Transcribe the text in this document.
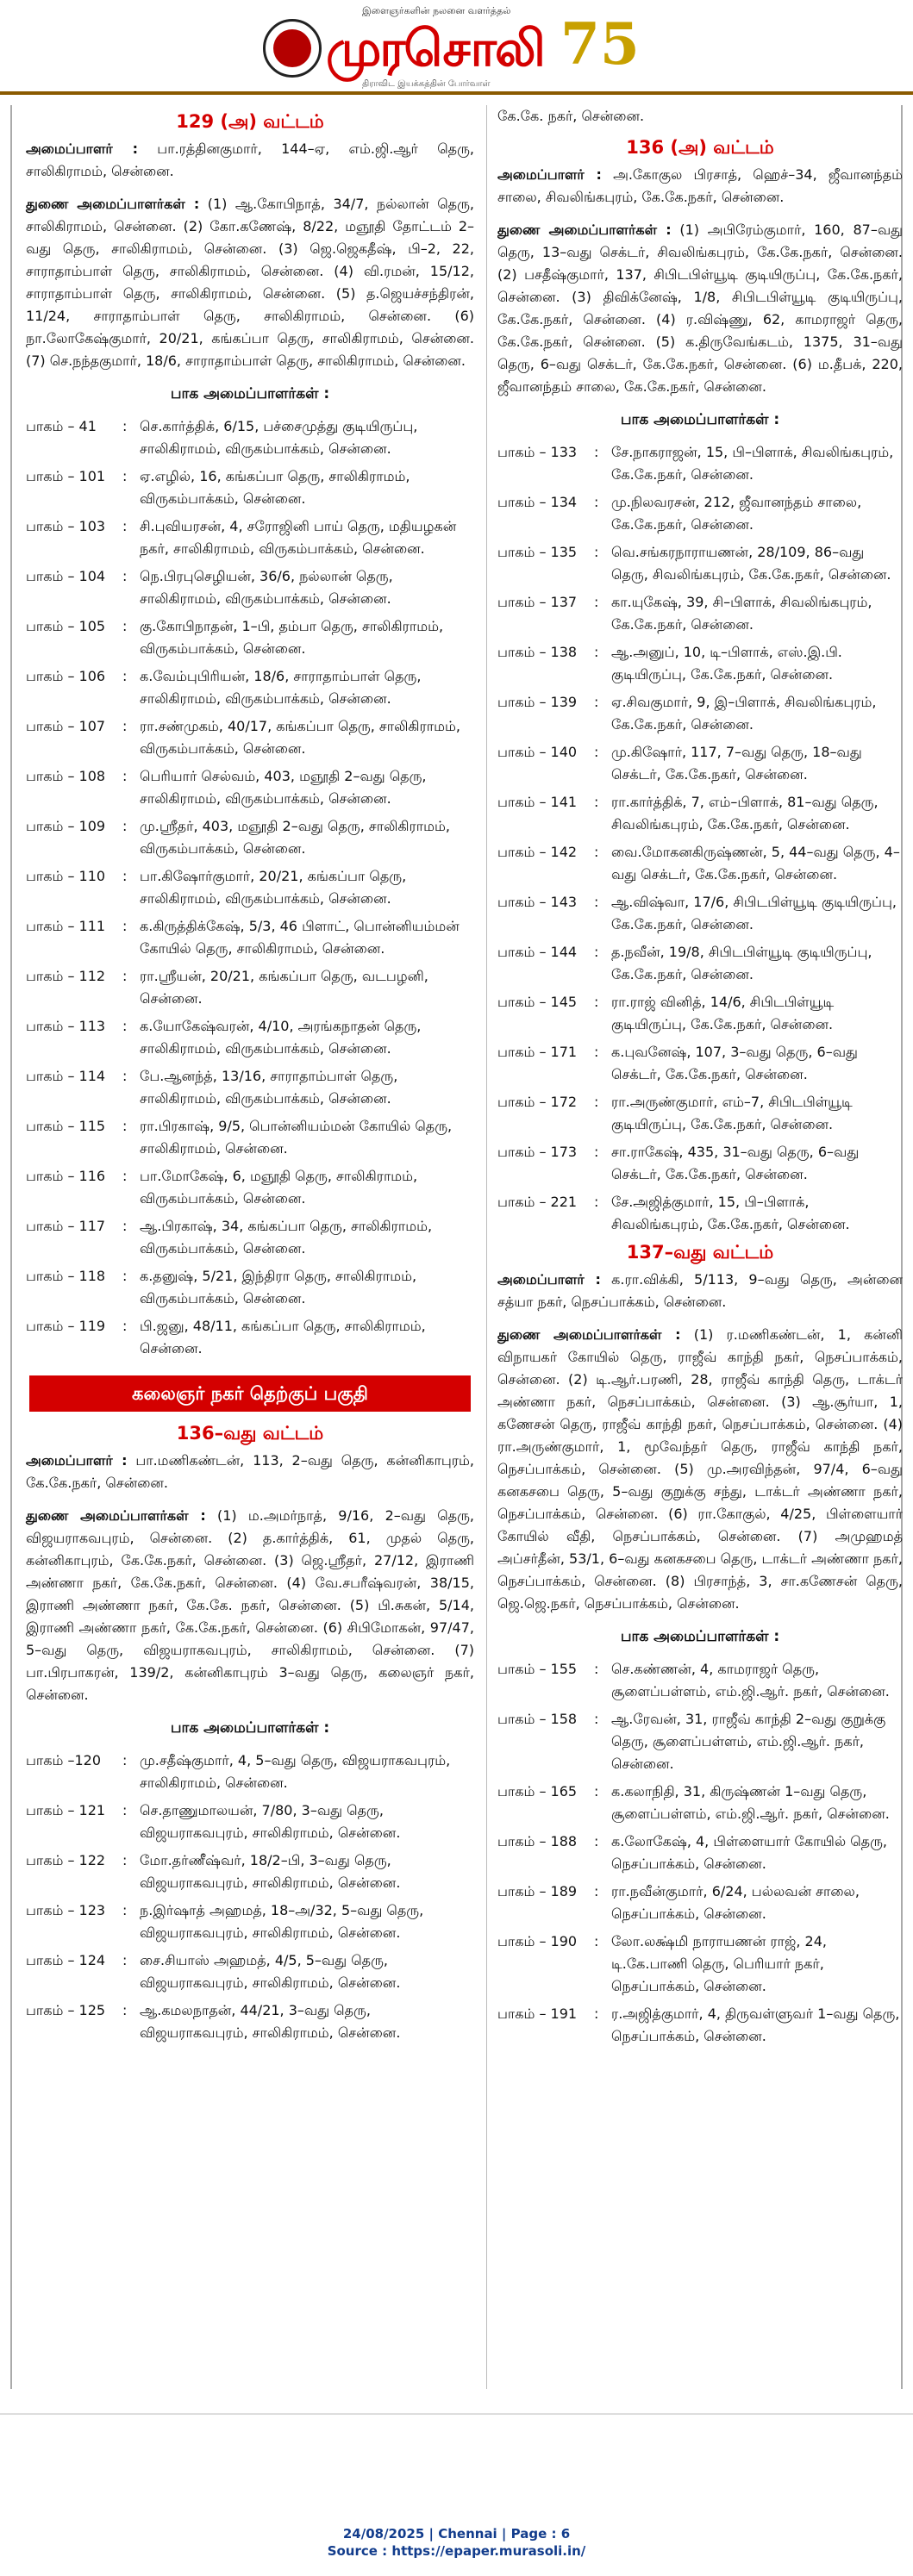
இளைஞர்களின் நலனை வளர்த்தல்
முரசொலி 75
திராவிட இயக்கத்தின் போர்வாள்
129 (அ) வட்டம்

அமைப்பாளர் : பா.ரத்தினகுமார், 144–ஏ, எம்.ஜி.ஆர் தெரு, சாலிகிராமம், சென்னை.

துணை அமைப்பாளர்கள் : (1) ஆ.கோபிநாத், 34/7, நல்லான் தெரு, சாலிகிராமம், சென்னை. (2) கோ.கணேஷ், 8/22, மஞூதி தோட்டம் 2–வது தெரு, சாலிகிராமம், சென்னை. (3) ஜெ.ஜெகதீஷ், பி–2, 22, சாராதாம்பாள் தெரு, சாலிகிராமம், சென்னை. (4) வி.ரமன், 15/12, சாராதாம்பாள் தெரு, சாலிகிராமம், சென்னை. (5) த.ஜெயச்சந்திரன், 11/24, சாராதாம்பாள் தெரு, சாலிகிராமம், சென்னை. (6) நா.லோகேஷ்குமார், 20/21, கங்கப்பா தெரு, சாலிகிராமம், சென்னை. (7) செ.நந்தகுமார், 18/6, சாராதாம்பாள் தெரு, சாலிகிராமம், சென்னை.

பாக அமைப்பாளர்கள் :
பாகம் – 41	: செ.கார்த்திக், 6/15, பச்சைமுத்து குடியிருப்பு, சாலிகிராமம், விருகம்பாக்கம், சென்னை.
பாகம் – 101	: ஏ.எழில், 16, கங்கப்பா தெரு, சாலிகிராமம், விருகம்பாக்கம், சென்னை.
பாகம் – 103	: சி.புவியரசன், 4, சரோஜினி பாய் தெரு, மதியழகன் நகர், சாலிகிராமம், விருகம்பாக்கம், சென்னை.
பாகம் – 104	: நெ.பிரபுசெழியன், 36/6, நல்லான் தெரு, சாலிகிராமம், விருகம்பாக்கம், சென்னை.
பாகம் – 105	: கு.கோபிநாதன், 1–பி, தம்பா தெரு, சாலிகிராமம், விருகம்பாக்கம், சென்னை.
பாகம் – 106	: க.வேம்புபிரியன், 18/6, சாராதாம்பாள் தெரு, சாலிகிராமம், விருகம்பாக்கம், சென்னை.
பாகம் – 107	: ரா.சண்முகம், 40/17, கங்கப்பா தெரு, சாலிகிராமம், விருகம்பாக்கம், சென்னை.
பாகம் – 108	: பெரியார் செல்வம், 403, மஞூதி 2–வது தெரு, சாலிகிராமம், விருகம்பாக்கம், சென்னை.
பாகம் – 109	: மு.ஸ்ரீதர், 403, மஞூதி 2–வது தெரு, சாலிகிராமம், விருகம்பாக்கம், சென்னை.
பாகம் – 110	: பா.கிஷோர்குமார், 20/21, கங்கப்பா தெரு, சாலிகிராமம், விருகம்பாக்கம், சென்னை.
பாகம் – 111	: க.கிருத்திக்கேஷ், 5/3, 46 பிளாட், பொன்னியம்மன் கோயில் தெரு, சாலிகிராமம், சென்னை.
பாகம் – 112	: ரா.ஸ்ரீயன், 20/21, கங்கப்பா தெரு, வடபழனி, சென்னை.
பாகம் – 113	: க.யோகேஷ்வரன், 4/10, அரங்கநாதன் தெரு, சாலிகிராமம், விருகம்பாக்கம், சென்னை.
பாகம் – 114	: பே.ஆனந்த், 13/16, சாராதாம்பாள் தெரு, சாலிகிராமம், விருகம்பாக்கம், சென்னை.
பாகம் – 115	: ரா.பிரகாஷ், 9/5, பொன்னியம்மன் கோயில் தெரு, சாலிகிராமம், சென்னை.
பாகம் – 116	: பா.மோகேஷ், 6, மஞூதி தெரு, சாலிகிராமம், விருகம்பாக்கம், சென்னை.
பாகம் – 117	: ஆ.பிரகாஷ், 34, கங்கப்பா தெரு, சாலிகிராமம், விருகம்பாக்கம், சென்னை.
பாகம் – 118	: க.தனுஷ், 5/21, இந்திரா தெரு, சாலிகிராமம், விருகம்பாக்கம், சென்னை.
பாகம் – 119	: பி.ஜனு, 48/11, கங்கப்பா தெரு, சாலிகிராமம், சென்னை.
கலைஞர் நகர் தெற்குப் பகுதி
136–வது வட்டம்

அமைப்பாளர் : பா.மணிகண்டன், 113, 2–வது தெரு, கன்னிகாபுரம், கே.கே.நகர், சென்னை.

துணை அமைப்பாளர்கள் : (1) ம.அமர்நாத், 9/16, 2–வது தெரு, விஜயராகவபுரம், சென்னை. (2) த.கார்த்திக், 61, முதல் தெரு, கன்னிகாபுரம், கே.கே.நகர், சென்னை. (3) ஜெ.ஸ்ரீதர், 27/12, இராணி அண்ணா நகர், கே.கே.நகர், சென்னை. (4) வே.சபரீஷ்வரன், 38/15, இராணி அண்ணா நகர், கே.கே. நகர், சென்னை. (5) பி.சுகன், 5/14, இராணி அண்ணா நகர், கே.கே.நகர், சென்னை. (6) சிபிமோகன், 97/47, 5–வது தெரு, விஜயராகவபுரம், சாலிகிராமம், சென்னை. (7) பா.பிரபாகரன், 139/2, கன்னிகாபுரம் 3–வது தெரு, கலைஞர் நகர், சென்னை.

பாக அமைப்பாளர்கள் :
பாகம் –120	: மு.சதீஷ்குமார், 4, 5–வது தெரு, விஜயராகவபுரம், சாலிகிராமம், சென்னை.
பாகம் – 121	: செ.தாணுமாலயன், 7/80, 3–வது தெரு, விஜயராகவபுரம், சாலிகிராமம், சென்னை.
பாகம் – 122	: மோ.தர்ணீஷ்வர், 18/2–பி, 3–வது தெரு, விஜயராகவபுரம், சாலிகிராமம், சென்னை.
பாகம் – 123	: ந.இர்ஷாத் அஹமத், 18–அ/32, 5–வது தெரு, விஜயராகவபுரம், சாலிகிராமம், சென்னை.
பாகம் – 124	: சை.சியாஸ் அஹமத், 4/5, 5–வது தெரு, விஜயராகவபுரம், சாலிகிராமம், சென்னை.
பாகம் – 125	: ஆ.கமலநாதன், 44/21, 3–வது தெரு, விஜயராகவபுரம், சாலிகிராமம், சென்னை.
கே.கே. நகர், சென்னை.
136 (அ) வட்டம்

அமைப்பாளர் : அ.கோகுல பிரசாத், ஹெச்–34, ஜீவானந்தம் சாலை, சிவலிங்கபுரம், கே.கே.நகர், சென்னை.

துணை அமைப்பாளர்கள் : (1) அபிரேம்குமார், 160, 87–வது தெரு, 13–வது செக்டர், சிவலிங்கபுரம், கே.கே.நகர், சென்னை. (2) பசதீஷ்குமார், 137, சிபிடபிள்யூடி குடியிருப்பு, கே.கே.நகர், சென்னை. (3) திவிக்னேஷ், 1/8, சிபிடபிள்யூடி குடியிருப்பு, கே.கே.நகர், சென்னை. (4) ர.விஷ்ணு, 62, காமராஜர் தெரு, கே.கே.நகர், சென்னை. (5) க.திருவேங்கடம், 1375, 31–வது தெரு, 6–வது செக்டர், கே.கே.நகர், சென்னை. (6) ம.தீபக், 220, ஜீவானந்தம் சாலை, கே.கே.நகர், சென்னை.

பாக அமைப்பாளர்கள் :
பாகம் – 133	: சே.நாகராஜன், 15, பி–பிளாக், சிவலிங்கபுரம், கே.கே.நகர், சென்னை.
பாகம் – 134	: மு.நிலவரசன், 212, ஜீவானந்தம் சாலை, கே.கே.நகர், சென்னை.
பாகம் – 135	: வெ.சங்கரநாராயணன், 28/109, 86–வது தெரு, சிவலிங்கபுரம், கே.கே.நகர், சென்னை.
பாகம் – 137	: கா.யுகேஷ், 39, சி–பிளாக், சிவலிங்கபுரம், கே.கே.நகர், சென்னை.
பாகம் – 138	: ஆ.அனுப், 10, டி–பிளாக், எஸ்.இ.பி. குடியிருப்பு, கே.கே.நகர், சென்னை.
பாகம் – 139	: ஏ.சிவகுமார், 9, இ–பிளாக், சிவலிங்கபுரம், கே.கே.நகர், சென்னை.
பாகம் – 140	: மு.கிஷோர், 117, 7–வது தெரு, 18–வது செக்டர், கே.கே.நகர், சென்னை.
பாகம் – 141	: ரா.கார்த்திக், 7, எம்–பிளாக், 81–வது தெரு, சிவலிங்கபுரம், கே.கே.நகர், சென்னை.
பாகம் – 142	: வை.மோகனகிருஷ்ணன், 5, 44–வது தெரு, 4–வது செக்டர், கே.கே.நகர், சென்னை.
பாகம் – 143	: ஆ.விஷ்வா, 17/6, சிபிடபிள்யூடி குடியிருப்பு, கே.கே.நகர், சென்னை.
பாகம் – 144	: த.நவீன், 19/8, சிபிடபிள்யூடி குடியிருப்பு, கே.கே.நகர், சென்னை.
பாகம் – 145	: ரா.ராஜ் வினித், 14/6, சிபிடபிள்யூடி குடியிருப்பு, கே.கே.நகர், சென்னை.
பாகம் – 171	: க.புவனேஷ், 107, 3–வது தெரு, 6–வது செக்டர், கே.கே.நகர், சென்னை.
பாகம் – 172	: ரா.அருண்குமார், எம்–7, சிபிடபிள்யூடி குடியிருப்பு, கே.கே.நகர், சென்னை.
பாகம் – 173	: சா.ராகேஷ், 435, 31–வது தெரு, 6–வது செக்டர், கே.கே.நகர், சென்னை.
பாகம் – 221	: சே.அஜித்குமார், 15, பி–பிளாக், சிவலிங்கபுரம், கே.கே.நகர், சென்னை.
137–வது வட்டம்

அமைப்பாளர் : க.ரா.விக்கி, 5/113, 9–வது தெரு, அன்னை சத்யா நகர், நெசப்பாக்கம், சென்னை.

துணை அமைப்பாளர்கள் : (1) ர.மணிகண்டன், 1, கன்னி விநாயகர் கோயில் தெரு, ராஜீவ் காந்தி நகர், நெசப்பாக்கம், சென்னை. (2) டி.ஆர்.பரணி, 28, ராஜீவ் காந்தி தெரு, டாக்டர் அண்ணா நகர், நெசப்பாக்கம், சென்னை. (3) ஆ.சூர்யா, 1, கணேசன் தெரு, ராஜீவ் காந்தி நகர், நெசப்பாக்கம், சென்னை. (4) ரா.அருண்குமார், 1, மூவேந்தர் தெரு, ராஜீவ் காந்தி நகர், நெசப்பாக்கம், சென்னை. (5) மு.அரவிந்தன், 97/4, 6–வது கனகசபை தெரு, 5–வது குறுக்கு சந்து, டாக்டர் அண்ணா நகர், நெசப்பாக்கம், சென்னை. (6) ரா.கோகுல், 4/25, பிள்ளையார் கோயில் வீதி, நெசப்பாக்கம், சென்னை. (7) அமுஹமத் அப்சர்தீன், 53/1, 6–வது கனகசபை தெரு, டாக்டர் அண்ணா நகர், நெசப்பாக்கம், சென்னை. (8) பிரசாந்த், 3, சா.கணேசன் தெரு, ஜெ.ஜெ.நகர், நெசப்பாக்கம், சென்னை.

பாக அமைப்பாளர்கள் :
பாகம் – 155	: செ.கண்ணன், 4, காமராஜர் தெரு, சூளைப்பள்ளம், எம்.ஜி.ஆர். நகர், சென்னை.
பாகம் – 158	: ஆ.ரேவன், 31, ராஜீவ் காந்தி 2–வது குறுக்கு தெரு, சூளைப்பள்ளம், எம்.ஜி.ஆர். நகர், சென்னை.
பாகம் – 165	: க.கலாநிதி, 31, கிருஷ்ணன் 1–வது தெரு, சூளைப்பள்ளம், எம்.ஜி.ஆர். நகர், சென்னை.
பாகம் – 188	: க.லோகேஷ், 4, பிள்ளையார் கோயில் தெரு, நெசப்பாக்கம், சென்னை.
பாகம் – 189	: ரா.நவீன்குமார், 6/24, பல்லவன் சாலை, நெசப்பாக்கம், சென்னை.
பாகம் – 190	: லோ.லக்ஷ்மி நாராயணன் ராஜ், 24, டி.கே.பாணி தெரு, பெரியார் நகர், நெசப்பாக்கம், சென்னை.
பாகம் – 191	: ர.அஜித்குமார், 4, திருவள்ளுவர் 1–வது தெரு, நெசப்பாக்கம், சென்னை.
24/08/2025 | Chennai | Page : 6
Source : https://epaper.murasoli.in/
